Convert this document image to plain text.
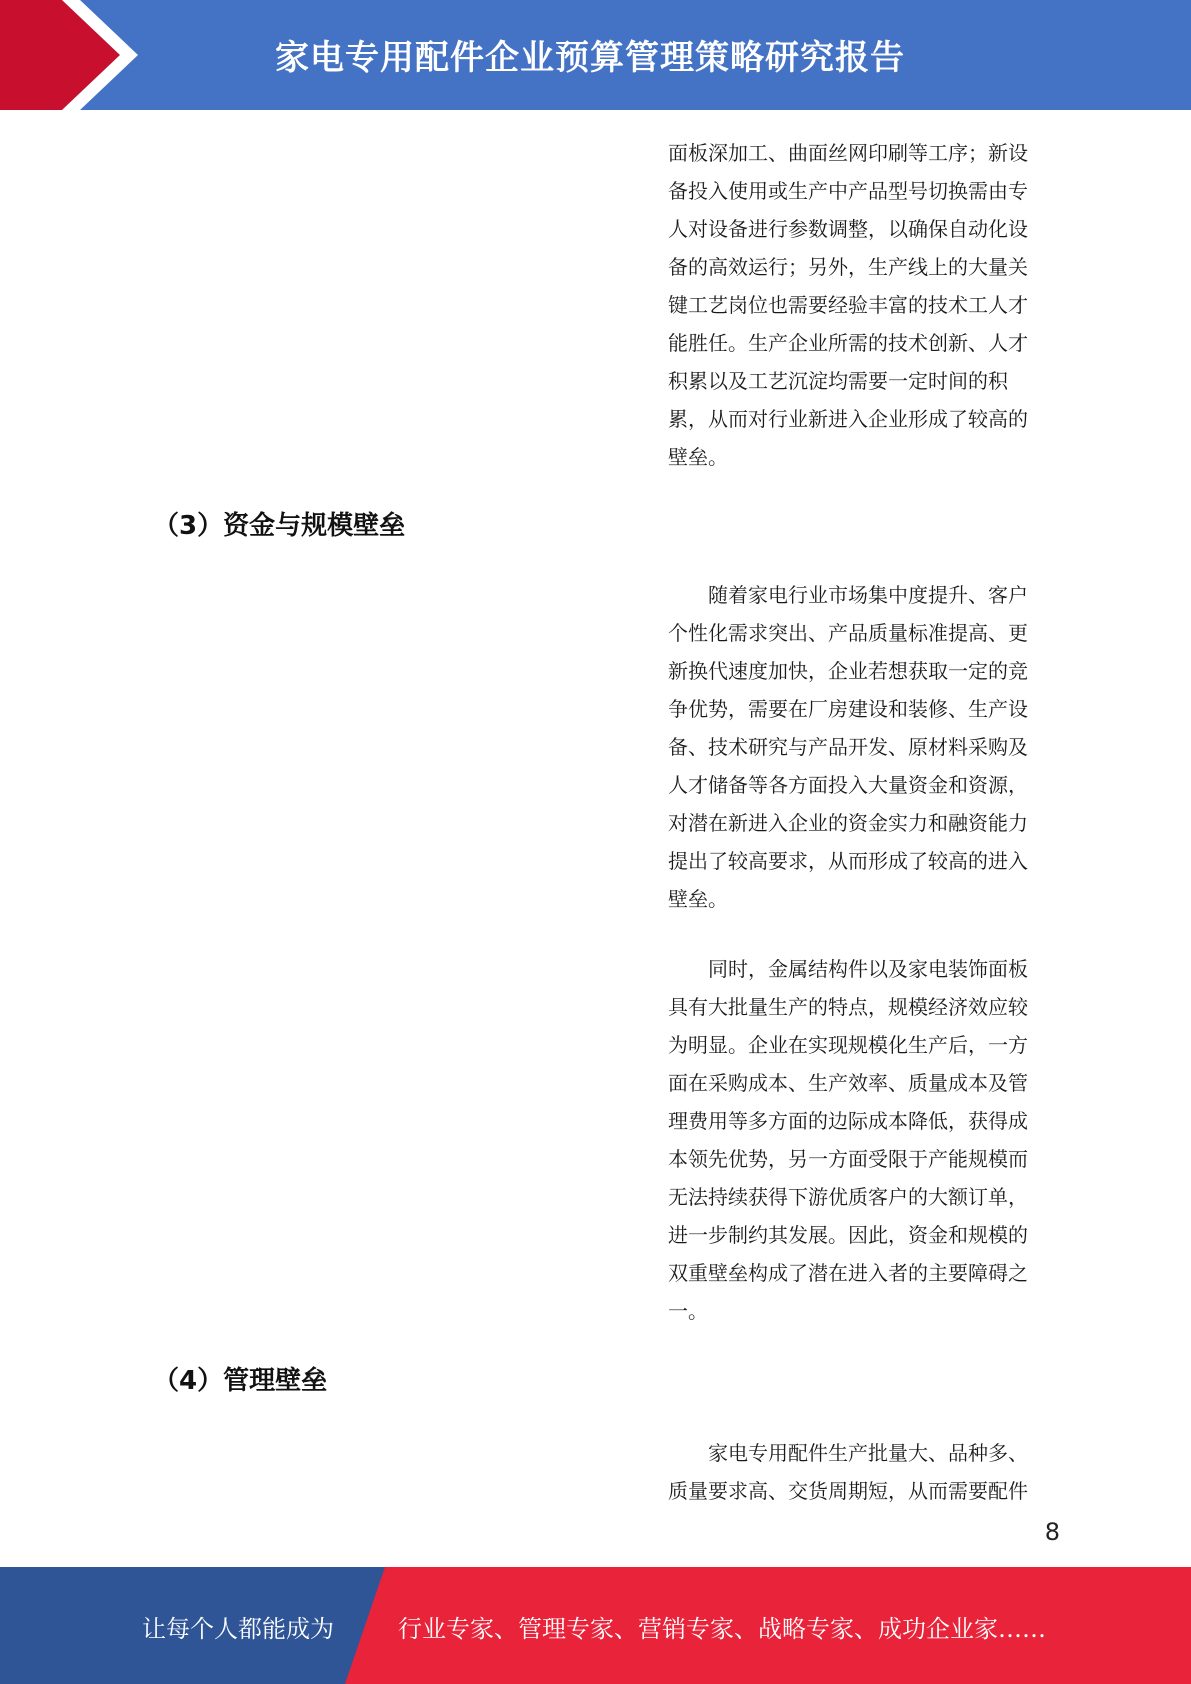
家电专用配件企业预算管理策略研究报告

面板深加工、曲面丝网印刷等工序；新设
备投入使用或生产中产品型号切换需由专
人对设备进行参数调整，以确保自动化设
备的高效运行；另外，生产线上的大量关
键工艺岗位也需要经验丰富的技术工人才
能胜任。生产企业所需的技术创新、人才
积累以及工艺沉淀均需要一定时间的积
累，从而对行业新进入企业形成了较高的
壁垒。

（3）资金与规模壁垒

随着家电行业市场集中度提升、客户
个性化需求突出、产品质量标准提高、更
新换代速度加快，企业若想获取一定的竞
争优势，需要在厂房建设和装修、生产设
备、技术研究与产品开发、原材料采购及
人才储备等各方面投入大量资金和资源，
对潜在新进入企业的资金实力和融资能力
提出了较高要求，从而形成了较高的进入
壁垒。

同时，金属结构件以及家电装饰面板
具有大批量生产的特点，规模经济效应较
为明显。企业在实现规模化生产后，一方
面在采购成本、生产效率、质量成本及管
理费用等多方面的边际成本降低，获得成
本领先优势，另一方面受限于产能规模而
无法持续获得下游优质客户的大额订单，
进一步制约其发展。因此，资金和规模的
双重壁垒构成了潜在进入者的主要障碍之
一。

（4）管理壁垒

家电专用配件生产批量大、品种多、
质量要求高、交货周期短，从而需要配件

8
让每个人都能成为	行业专家、管理专家、营销专家、战略专家、成功企业家……
